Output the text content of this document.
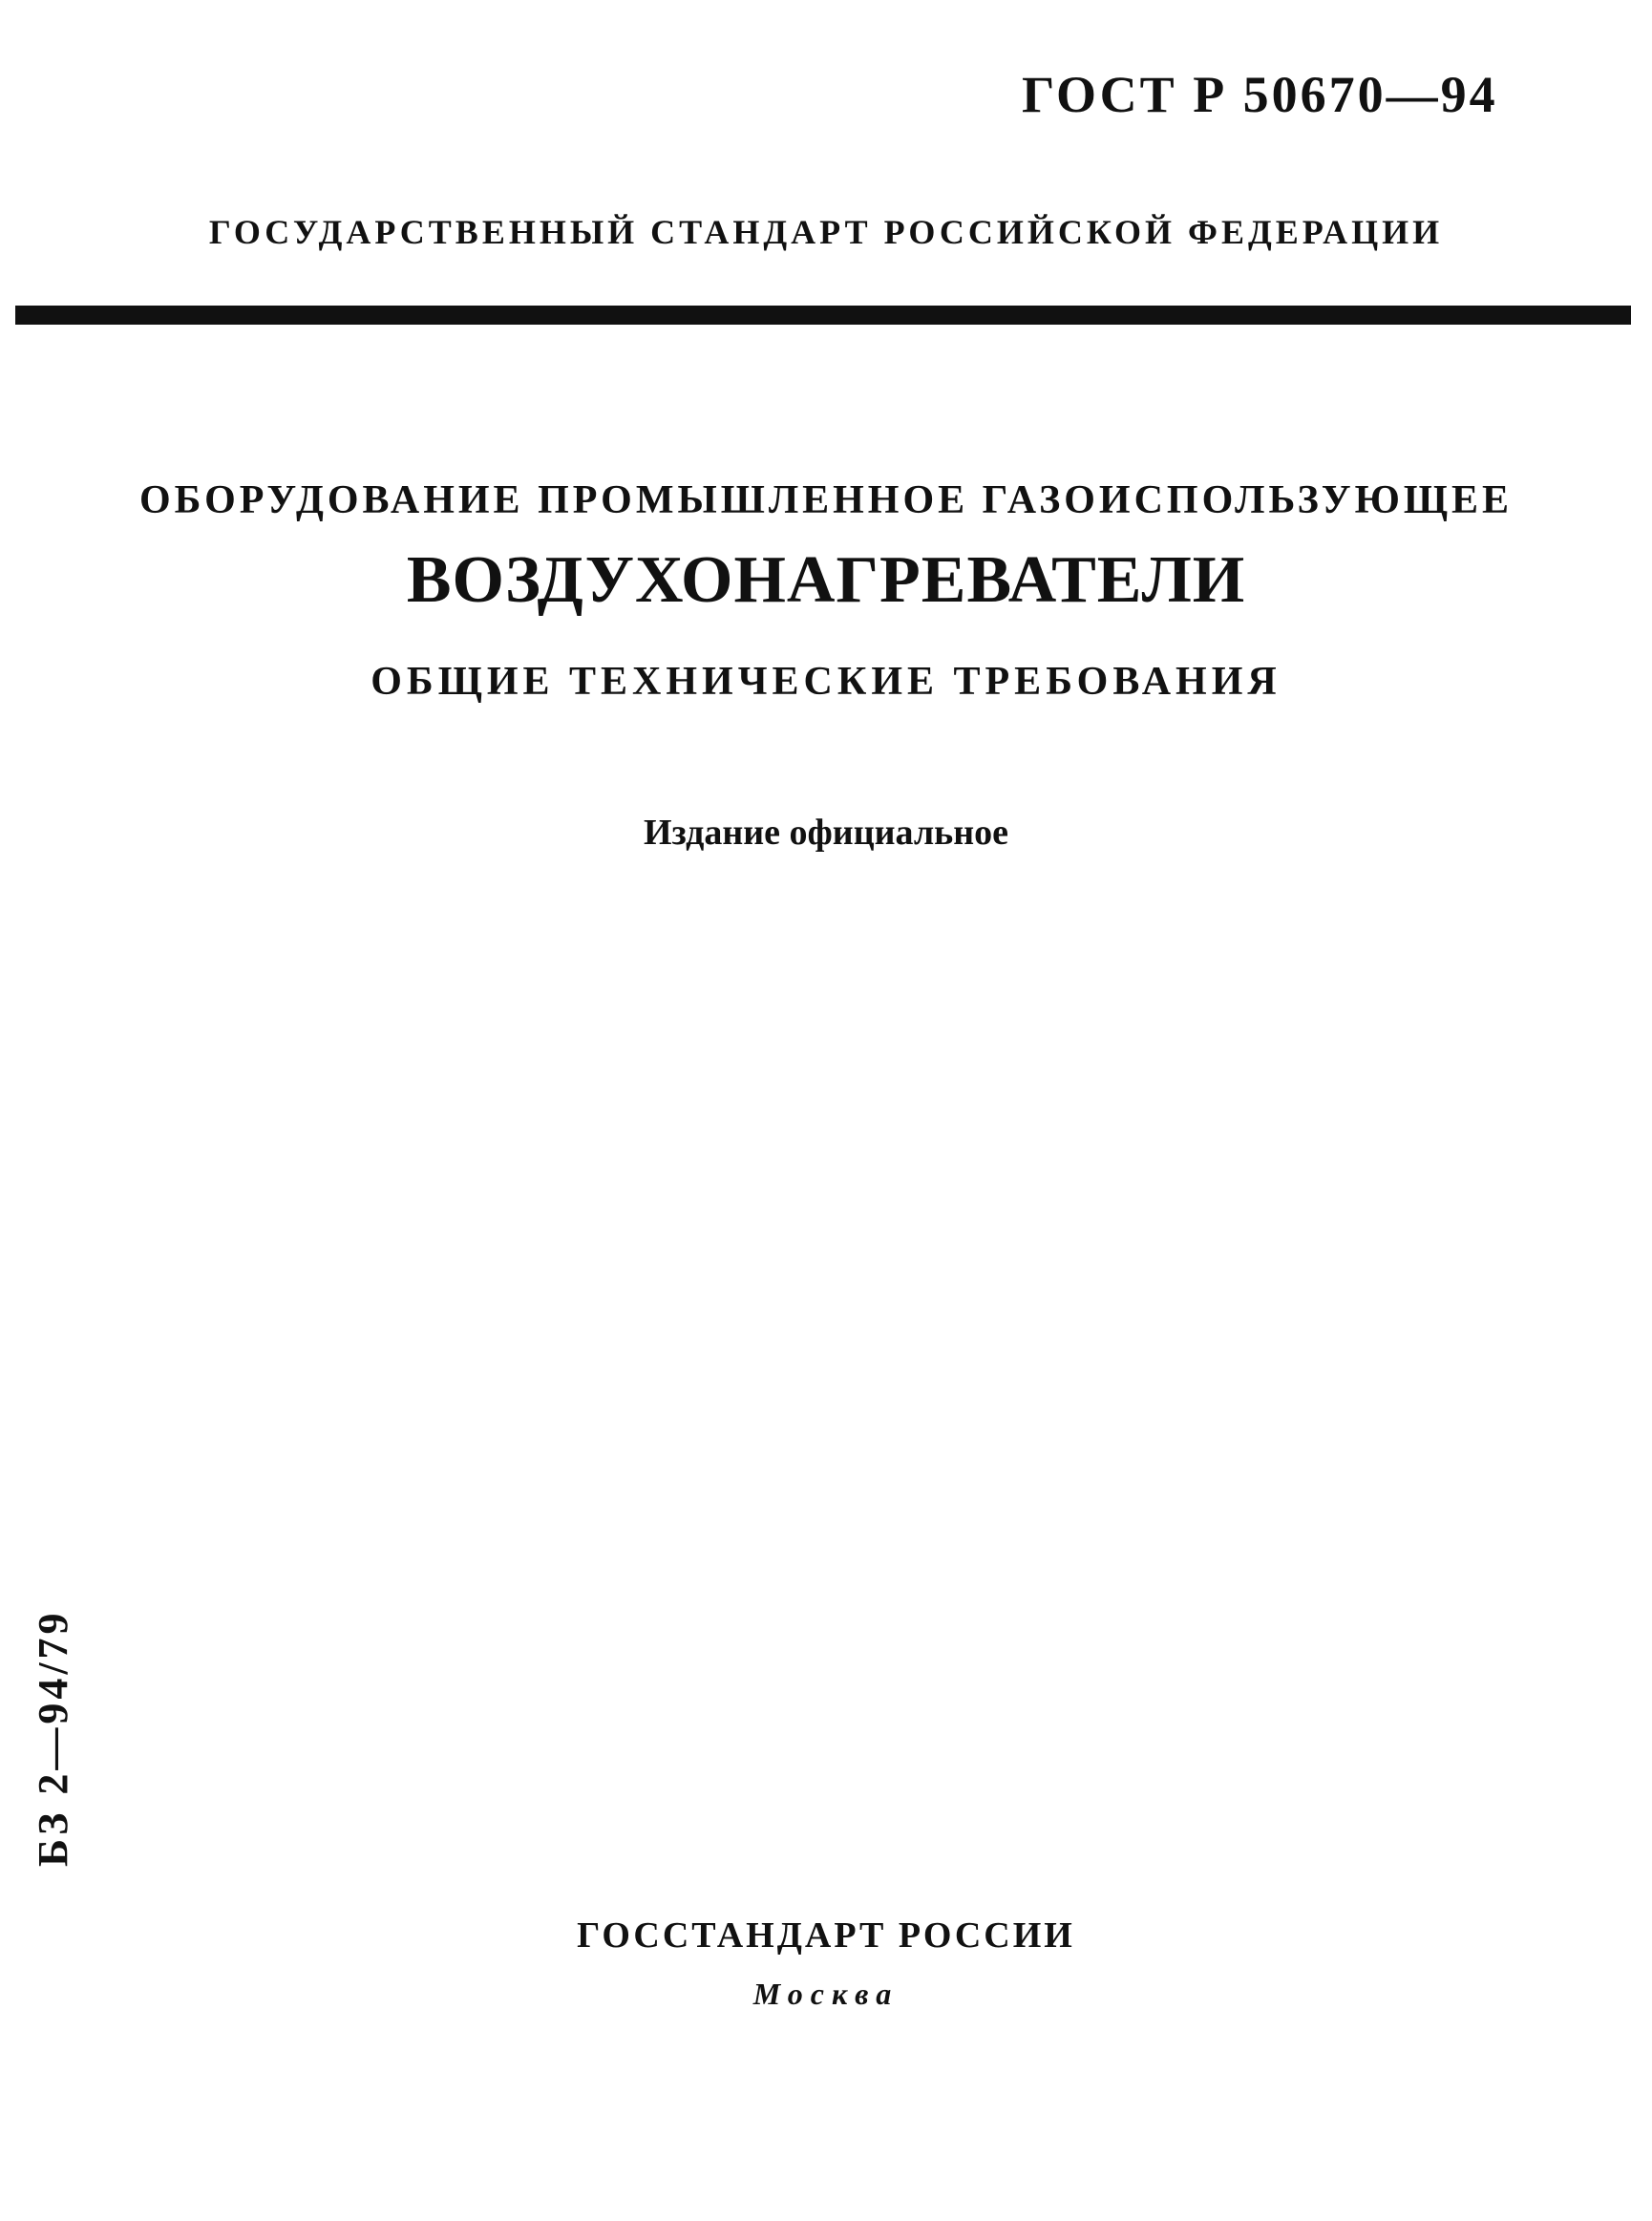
ГОСТ Р 50670—94
ГОСУДАРСТВЕННЫЙ СТАНДАРТ РОССИЙСКОЙ ФЕДЕРАЦИИ
ОБОРУДОВАНИЕ ПРОМЫШЛЕННОЕ ГАЗОИСПОЛЬЗУЮЩЕЕ
ВОЗДУХОНАГРЕВАТЕЛИ
ОБЩИЕ ТЕХНИЧЕСКИЕ ТРЕБОВАНИЯ
Издание официальное
БЗ 2—94/79
ГОССТАНДАРТ РОССИИ
Москва
